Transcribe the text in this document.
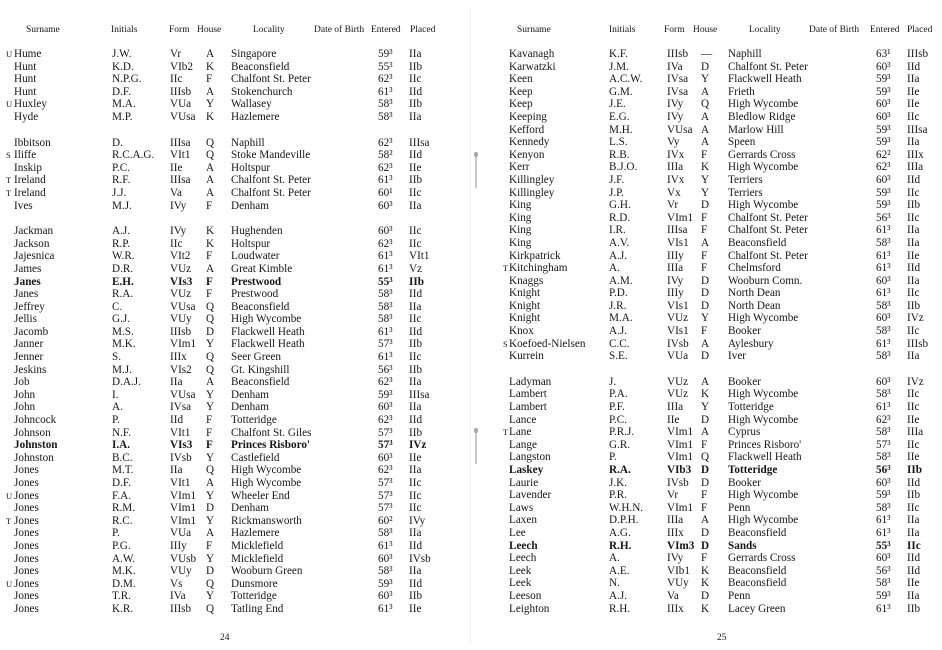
Surname	Initials	Form House	Locality	Date of Birth Entered Placed
U Hume	J.W.	Vr A Singapore	59³ IIa
Hunt	K.D.	VIb2 K Beaconsfield	55³ IIb
Hunt	N.P.G.	IIc F Chalfont St. Peter	62³ IIc
Hunt	D.F.	IIIsb A Stokenchurch	61³ IId
U Huxley	M.A.	VUa Y Wallasey	58³ IIb
Hyde	M.P.	VUsa K Hazlemere	58³ IIa
Ibbitson	D.	IIIsa Q Naphill	62³ IIIsa
S Iliffe	R.C.A.G. VIt1 Q Stoke Mandeville	58² IId
Inskip	P.C.	IIe A Holtspur	62³ IIe
T Ireland	R.F.	IIIsa A Chalfont St. Peter	61³ IIb
T Ireland	J.J.	Va A Chalfont St. Peter	60¹ IIc
Ives	M.J.	IVy F Denham	60³ IIa
Jackman	A.J.	IVy K Hughenden	60³ IIc
Jackson	R.P.	IIc K Holtspur	62³ IIc
Jajesnica	W.R.	VIt2 F Loudwater	61³ VIt1
James	D.R.	VUz A Great Kimble	61³ Vz
Janes	E.H.	VIs3 F Prestwood	55³ IIb
Janes	R.A.	VUz F Prestwood	58³ IId
Jeffrey	C.	VUsa Q Beaconsfield	58³ IIa
Jellis	G.J.	VUy Q High Wycombe	58³ IIc
Jacomb	M.S.	IIIsb D Flackwell Heath	61³ IId
Janner	M.K.	VIm1 Y Flackwell Heath	57³ IIb
Jenner	S.	IIIx Q Seer Green	61³ IIc
Jeskins	M.J.	VIs2 Q Gt. Kingshill	56³ IIb
Job	D.A.J.	IIa A Beaconsfield	62³ IIa
John	I.	VUsa Y Denham	59³ IIIsa
John	A.	IVsa Y Denham	60³ IIa
Johncock	P.	IId F Totteridge	62³ IId
Johnson	N.F.	VIt1 F Chalfont St. Giles	57³ IIb
Johnston	I.A.	VIs3 F Princes Risboro'	57³ IVz
Johnston	B.C.	IVsb Y Castlefield	60³ IIe
Jones	M.T.	IIa Q High Wycombe	62³ IIa
Jones	D.F.	VIt1 A High Wycombe	57³ IIc
U Jones	F.A.	VIm1 Y Wheeler End	57³ IIc
Jones	R.M.	VIm1 D Denham	57³ IIc
T Jones	R.C.	VIm1 Y Rickmansworth	60² IVy
Jones	P.	VUa A Hazlemere	58³ IIa
Jones	P.G.	IIIy F Micklefield	61³ IId
Jones	A.W.	VUsb Y Micklefield	60³ IVsb
Jones	M.K.	VUy D Wooburn Green	58³ IIa
U Jones	D.M.	Vs Q Dunsmore	59³ IId
Jones	T.R.	IVa Y Totteridge	60³ IIb
Jones	K.R.	IIIsb Q Tatling End	61³ IIe
24
Surname	Initials	Form House	Locality	Date of Birth Entered Placed
Kavanagh	K.F.	IIIsb — Naphill	63¹ IIIsb
Karwatzki	J.M.	IVa D Chalfont St. Peter	60³ IId
Keen	A.C.W. IVsa Y Flackwell Heath	59³ IIa
Keep	G.M.	IVsa A Frieth	59³ IIe
Keep	J.E.	IVy Q High Wycombe	60³ IIe
Keeping	E.G.	IVy A Bledlow Ridge	60³ IIc
Kefford	M.H.	VUsa A Marlow Hill	59³ IIIsa
Kennedy	L.S.	Vy A Speen	59³ IIa
Kenyon	R.B.	IVx F Gerrards Cross	62² IIIx
Kerr	B.J.O.	IIIa K High Wycombe	62³ IIIa
Killingley	J.F.	IVx Y Terriers	60³ IId
Killingley	J.P.	Vx Y Terriers	59³ IIc
King	G.H.	Vr D High Wycombe	59³ IIb
King	R.D.	VIm1 F Chalfont St. Peter	56³ IIc
King	I.R.	IIIsa F Chalfont St. Peter	61³ IIa
King	A.V.	VIs1 A Beaconsfield	58³ IIa
Kirkpatrick	A.J.	IIIy F Chalfont St. Peter	61³ IIe
T Kitchingham	A.	IIIa F Chelmsford	61³ IId
Knaggs	A.M.	IVy D Wooburn Comn.	60³ IIa
Knight	P.D.	IIIy D North Dean	61³ IIc
Knight	J.R.	VIs1 D North Dean	58³ IIb
Knight	M.A.	VUz Y High Wycombe	60³ IVz
Knox	A.J.	VIs1 F Booker	58³ IIc
S Koefoed-Nielsen C.C.	IVsb A Aylesbury	61³ IIIsb
Kurrein	S.E.	VUa D Iver	58³ IIa
Ladyman	J.	VUz A Booker	60³ IVz
Lambert	P.A.	VUz K High Wycombe	58³ IIc
Lambert	P.F.	IIIa Y Totteridge	61³ IIc
Lance	P.C.	IIe D High Wycombe	62³ IIe
T Lane	P.R.J.	VIm1 A Cyprus	58³ IIIa
Lange	G.R.	VIm1 F Princes Risboro'	57³ IIc
Langston	P.	VIm1 Q Flackwell Heath	58³ IIe
Laskey	R.A.	VIb3 D Totteridge	56³ IIb
Laurie	J.K.	IVsb D Booker	60³ IId
Lavender	P.R.	Vr F High Wycombe	59³ IIb
Laws	W.H.N. VIm1 F Penn	58³ IIc
Laxen	D.P.H.	IIIa A High Wycombe	61³ IIa
Lee	A.G.	IIIx D Beaconsfield	61³ IIa
Leech	R.H.	VIm3 D Sands	55³ IIc
Leech	A.	IVy F Gerrards Cross	60³ IId
Leek	A.E.	VIb1 K Beaconsfield	56³ IId
Leek	N.	VUy K Beaconsfield	58³ IIe
Leeson	A.J.	Va D Penn	59³ IIa
Leighton	R.H.	IIIx K Lacey Green	61³ IIb
25
